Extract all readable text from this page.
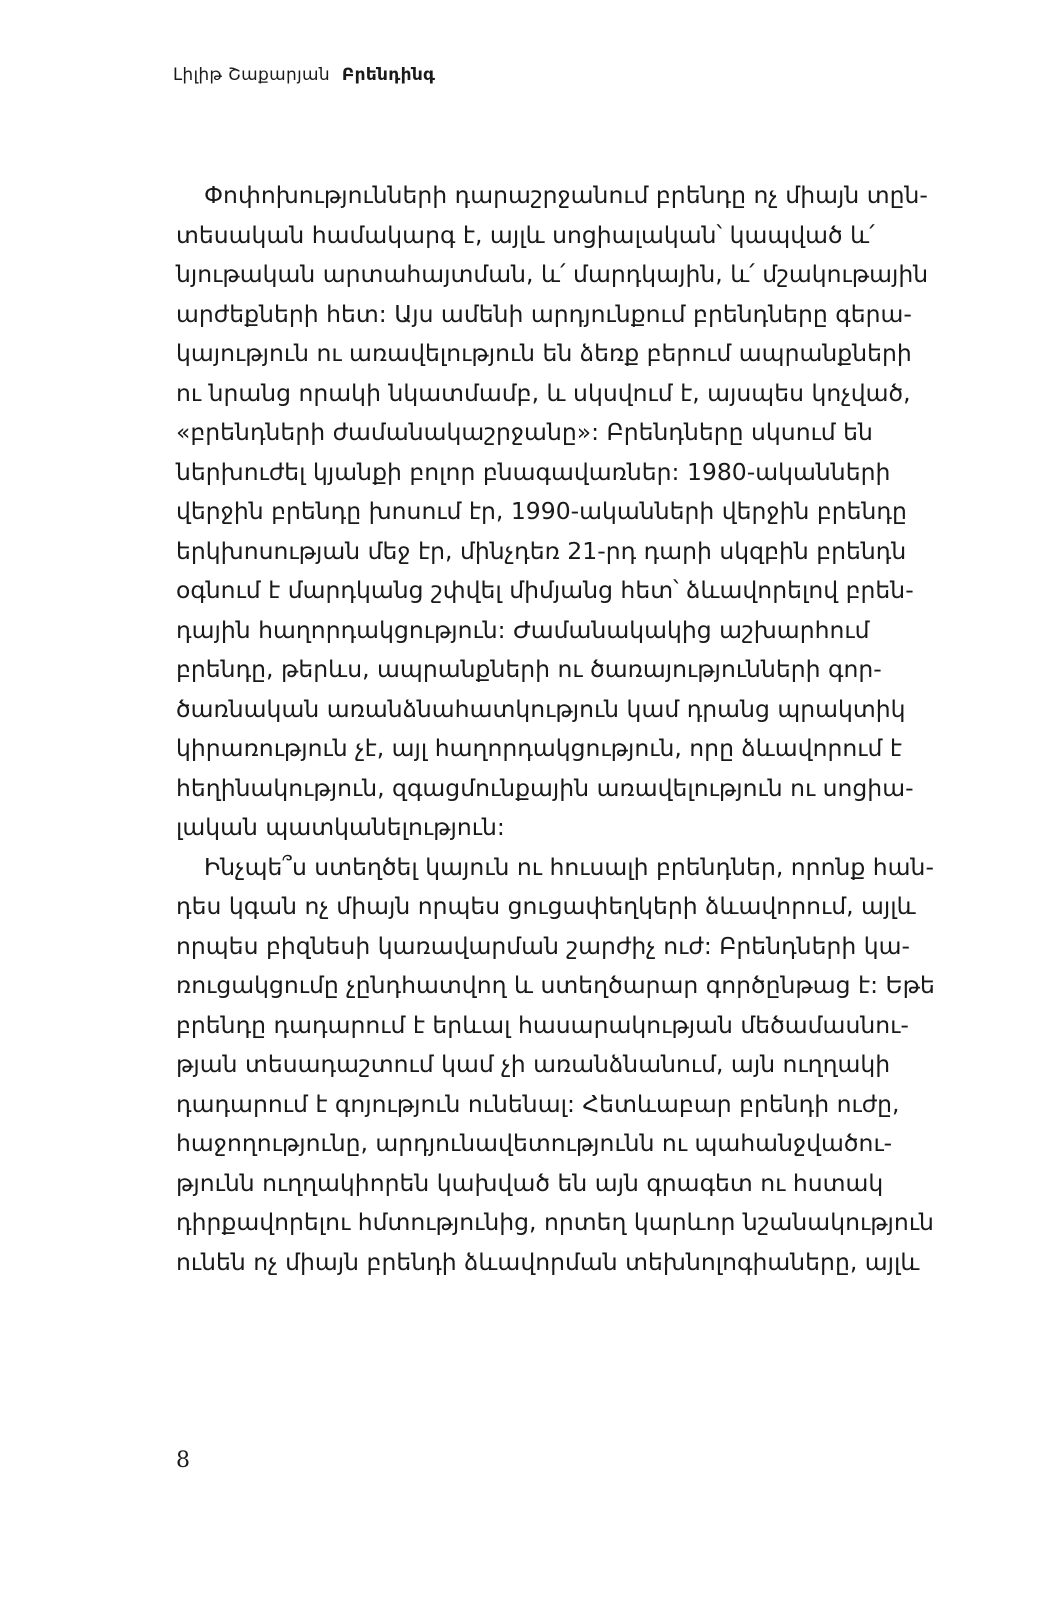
Լիլիթ Շաքարյան Բրենդինգ
Փոփոխությունների դարաշրջանում բրենդը ոչ միայն տըն-
տեսական համակարգ է, այլև սոցիալական՝ կապված և՛
նյութական արտահայտման, և՛ մարդկային, և՛ մշակութային
արժեքների հետ: Այս ամենի արդյունքում բրենդները գերա-
կայություն ու առավելություն են ձեռք բերում ապրանքների
ու նրանց որակի նկատմամբ, և սկսվում է, այսպես կոչված,
«բրենդների ժամանակաշրջանը»: Բրենդները սկսում են
ներխուժել կյանքի բոլոր բնագավառներ: 1980-ականների
վերջին բրենդը խոսում էր, 1990-ականների վերջին բրենդը
երկխոսության մեջ էր, մինչդեռ 21-րդ դարի սկզբին բրենդն
օգնում է մարդկանց շփվել միմյանց հետ՝ ձևավորելով բրեն-
դային հաղորդակցություն: Ժամանակակից աշխարհում
բրենդը, թերևս, ապրանքների ու ծառայությունների գոր-
ծառնական առանձնահատկություն կամ դրանց պրակտիկ
կիրառություն չէ, այլ հաղորդակցություն, որը ձևավորում է
հեղինակություն, զգացմունքային առավելություն ու սոցիա-
լական պատկանելություն:
Ինչպե՞ս ստեղծել կայուն ու հուսալի բրենդներ, որոնք հան-
դես կգան ոչ միայն որպես ցուցափեղկերի ձևավորում, այլև
որպես բիզնեսի կառավարման շարժիչ ուժ: Բրենդների կա-
ռուցակցումը չընդհատվող և ստեղծարար գործընթաց է: Եթե
բրենդը դադարում է երևալ հասարակության մեծամասնու-
թյան տեսադաշտում կամ չի առանձնանում, այն ուղղակի
դադարում է գոյություն ունենալ: Հետևաբար բրենդի ուժը,
հաջողությունը, արդյունավետությունն ու պահանջվածու-
թյունն ուղղակիորեն կախված են այն գրագետ ու հստակ
դիրքավորելու հմտությունից, որտեղ կարևոր նշանակություն
ունեն ոչ միայն բրենդի ձևավորման տեխնոլոգիաները, այլև
8
